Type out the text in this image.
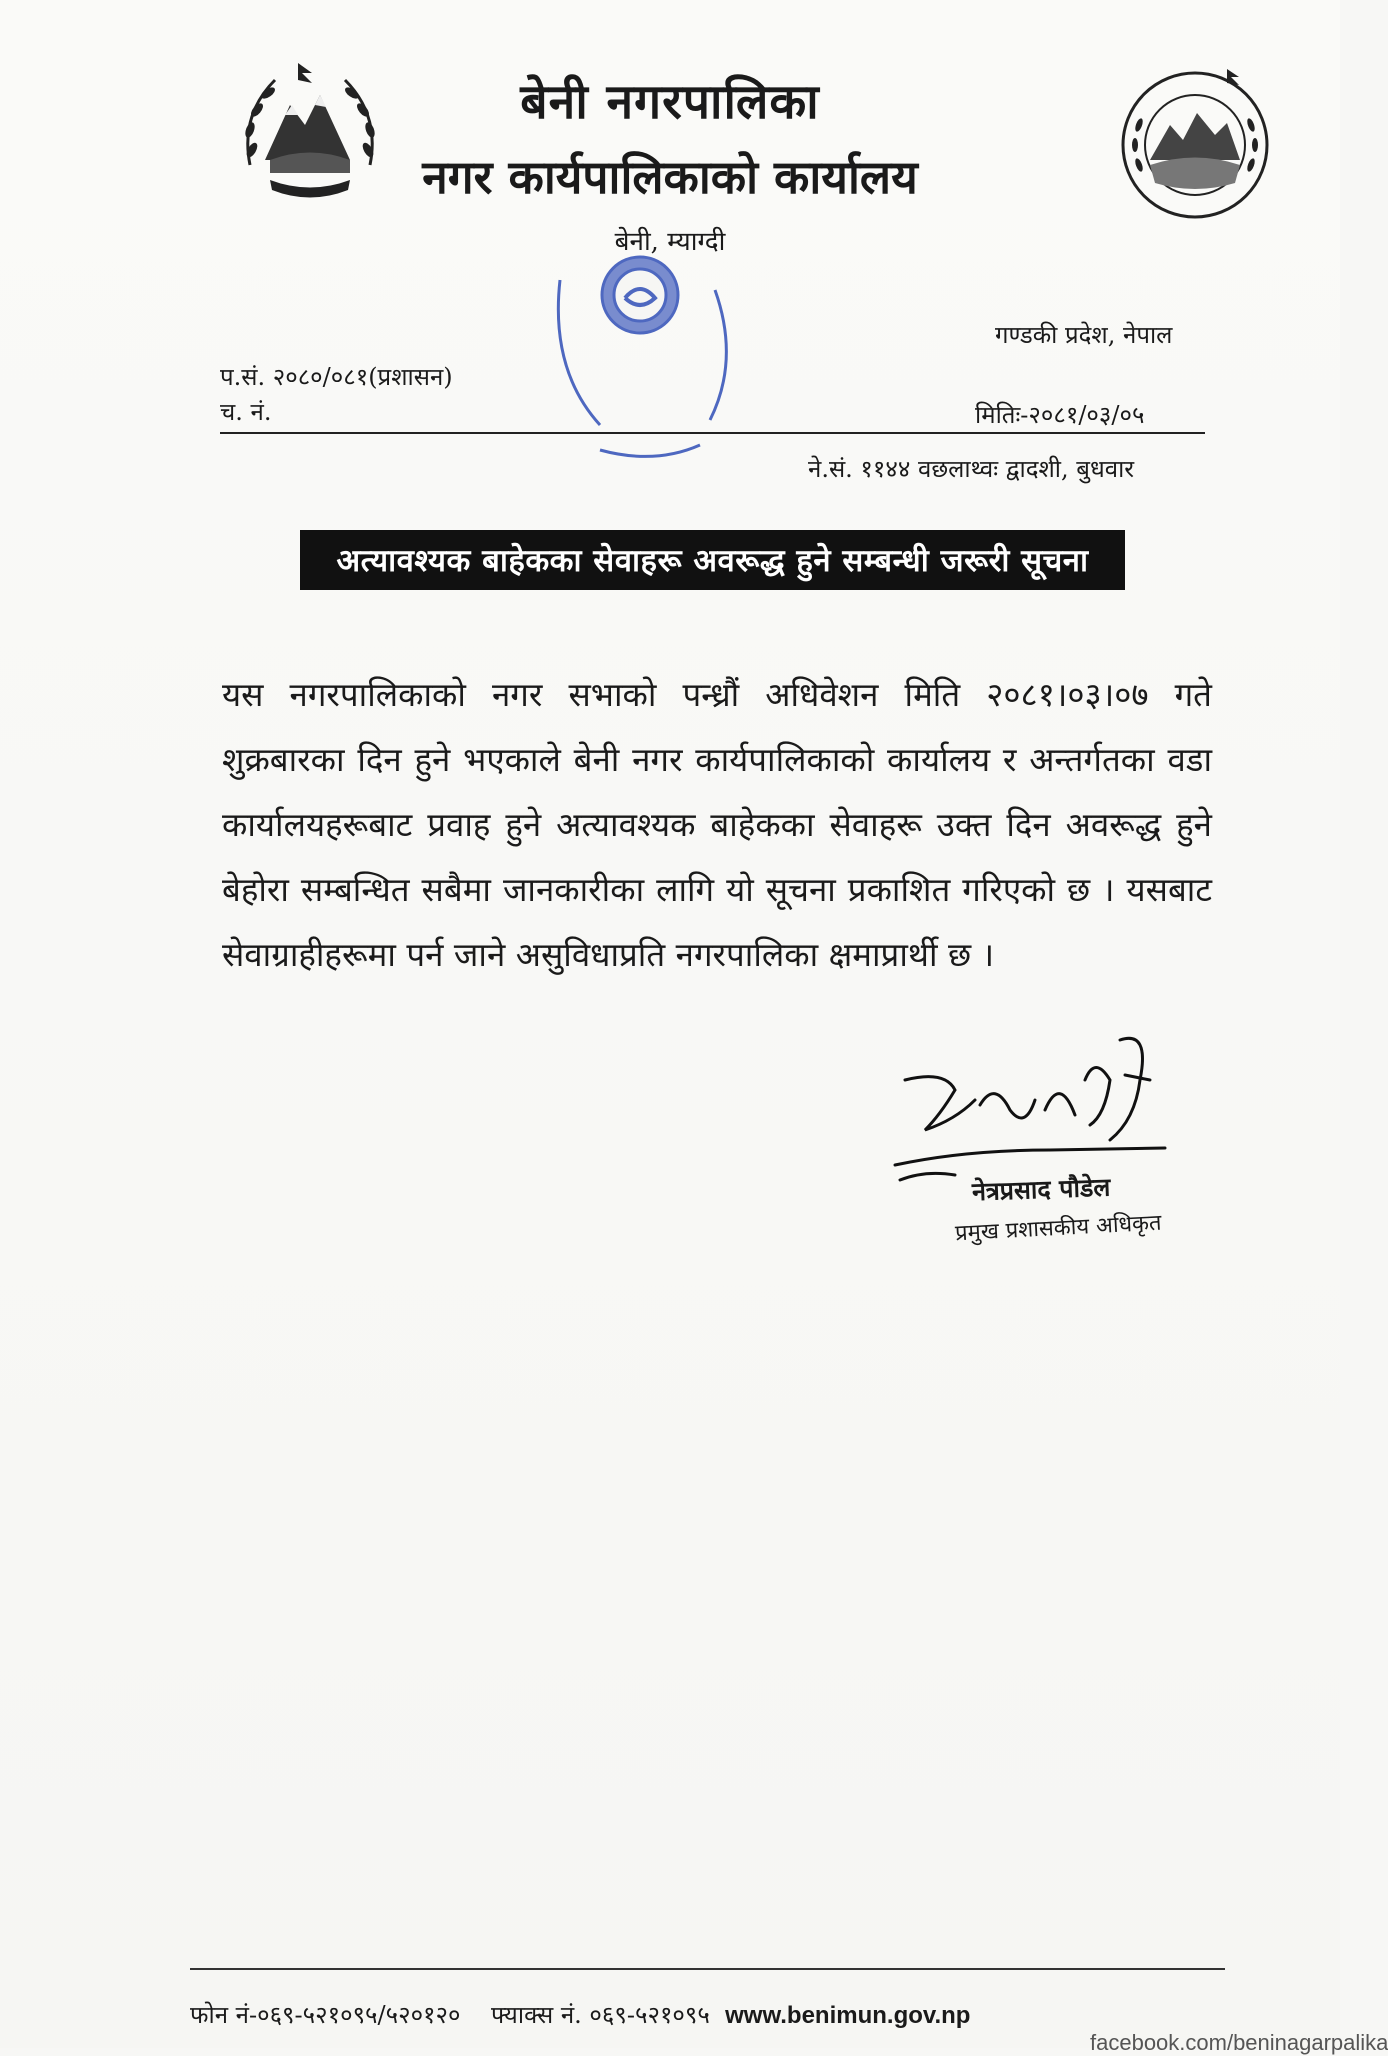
बेनी नगरपालिका
नगर कार्यपालिकाको कार्यालय
बेनी, म्याग्दी
गण्डकी प्रदेश, नेपाल
प.सं. २०८०/०८१(प्रशासन)
च. नं.	मितिः-२०८१/०३/०५
ने.सं. ११४४ वछलाथ्वः द्वादशी, बुधवार
अत्यावश्यक बाहेकका सेवाहरू अवरूद्ध हुने सम्बन्धी जरूरी सूचना
यस नगरपालिकाको नगर सभाको पन्ध्रौं अधिवेशन मिति २०८१।०३।०७ गते शुक्रबारका दिन हुने भएकाले बेनी नगर कार्यपालिकाको कार्यालय र अन्तर्गतका वडा कार्यालयहरूबाट प्रवाह हुने अत्यावश्यक बाहेकका सेवाहरू उक्त दिन अवरूद्ध हुने बेहोरा सम्बन्धित सबैमा जानकारीका लागि यो सूचना प्रकाशित गरिएको छ । यसबाट सेवाग्राहीहरूमा पर्न जाने असुविधाप्रति नगरपालिका क्षमाप्रार्थी छ ।
नेत्रप्रसाद पौडेल
प्रमुख प्रशासकीय अधिकृत
फोन नं-०६९-५२१०९५/५२०१२० फ्याक्स नं. ०६९-५२१०९५ www.benimun.gov.np
facebook.com/beninagarpalika
